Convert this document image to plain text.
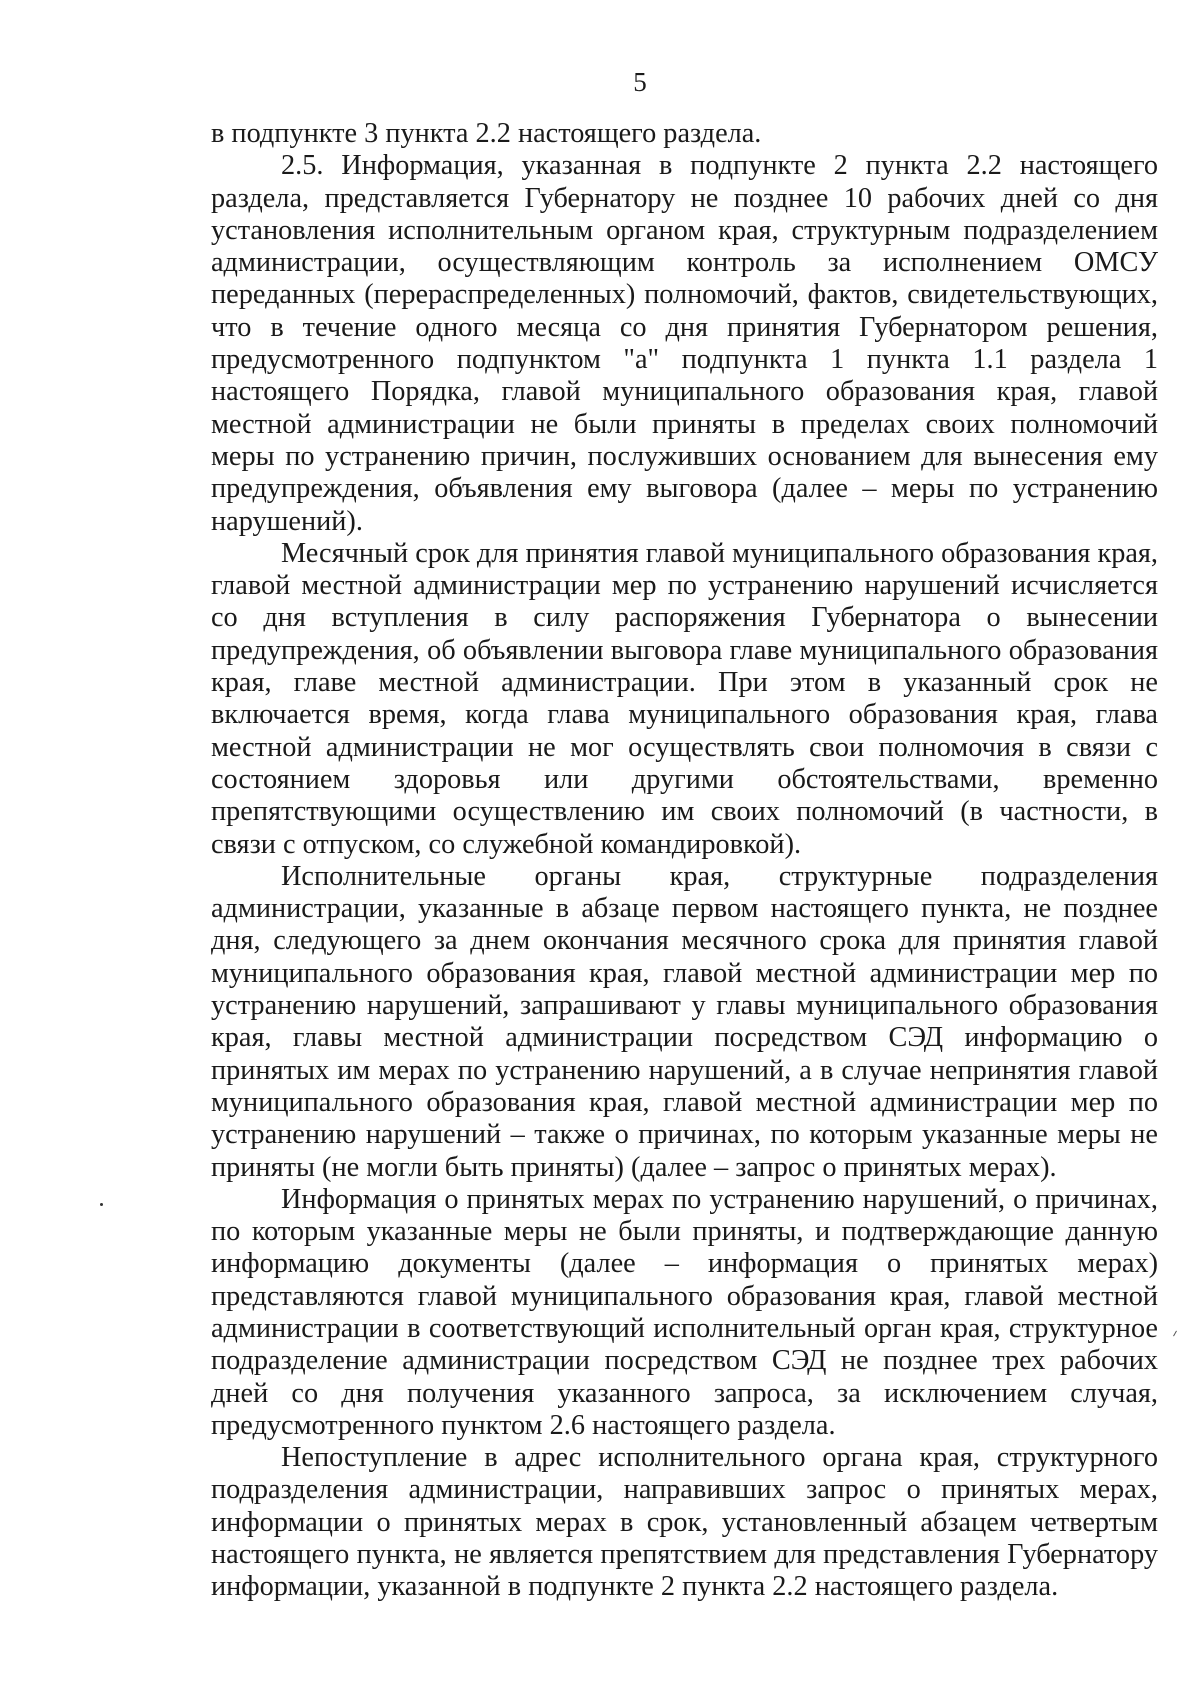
5

в подпункте 3 пункта 2.2 настоящего раздела.

2.5. Информация, указанная в подпункте 2 пункта 2.2 настоящего раздела, представляется Губернатору не позднее 10 рабочих дней со дня установления исполнительным органом края, структурным подразделением администрации, осуществляющим контроль за исполнением ОМСУ переданных (перераспределенных) полномочий, фактов, свидетельствующих, что в течение одного месяца со дня принятия Губернатором решения, предусмотренного подпунктом "а" подпункта 1 пункта 1.1 раздела 1 настоящего Порядка, главой муниципального образования края, главой местной администрации не были приняты в пределах своих полномочий меры по устранению причин, послуживших основанием для вынесения ему предупреждения, объявления ему выговора (далее – меры по устранению нарушений).

Месячный срок для принятия главой муниципального образования края, главой местной администрации мер по устранению нарушений исчисляется со дня вступления в силу распоряжения Губернатора о вынесении предупреждения, об объявлении выговора главе муниципального образования края, главе местной администрации. При этом в указанный срок не включается время, когда глава муниципального образования края, глава местной администрации не мог осуществлять свои полномочия в связи с состоянием здоровья или другими обстоятельствами, временно препятствующими осуществлению им своих полномочий (в частности, в связи с отпуском, со служебной командировкой).

Исполнительные органы края, структурные подразделения администрации, указанные в абзаце первом настоящего пункта, не позднее дня, следующего за днем окончания месячного срока для принятия главой муниципального образования края, главой местной администрации мер по устранению нарушений, запрашивают у главы муниципального образования края, главы местной администрации посредством СЭД информацию о принятых им мерах по устранению нарушений, а в случае непринятия главой муниципального образования края, главой местной администрации мер по устранению нарушений – также о причинах, по которым указанные меры не приняты (не могли быть приняты) (далее – запрос о принятых мерах).

Информация о принятых мерах по устранению нарушений, о причинах, по которым указанные меры не были приняты, и подтверждающие данную информацию документы (далее – информация о принятых мерах) представляются главой муниципального образования края, главой местной администрации в соответствующий исполнительный орган края, структурное подразделение администрации посредством СЭД не позднее трех рабочих дней со дня получения указанного запроса, за исключением случая, предусмотренного пунктом 2.6 настоящего раздела.

Непоступление в адрес исполнительного органа края, структурного подразделения администрации, направивших запрос о принятых мерах, информации о принятых мерах в срок, установленный абзацем четвертым настоящего пункта, не является препятствием для представления Губернатору информации, указанной в подпункте 2 пункта 2.2 настоящего раздела.
